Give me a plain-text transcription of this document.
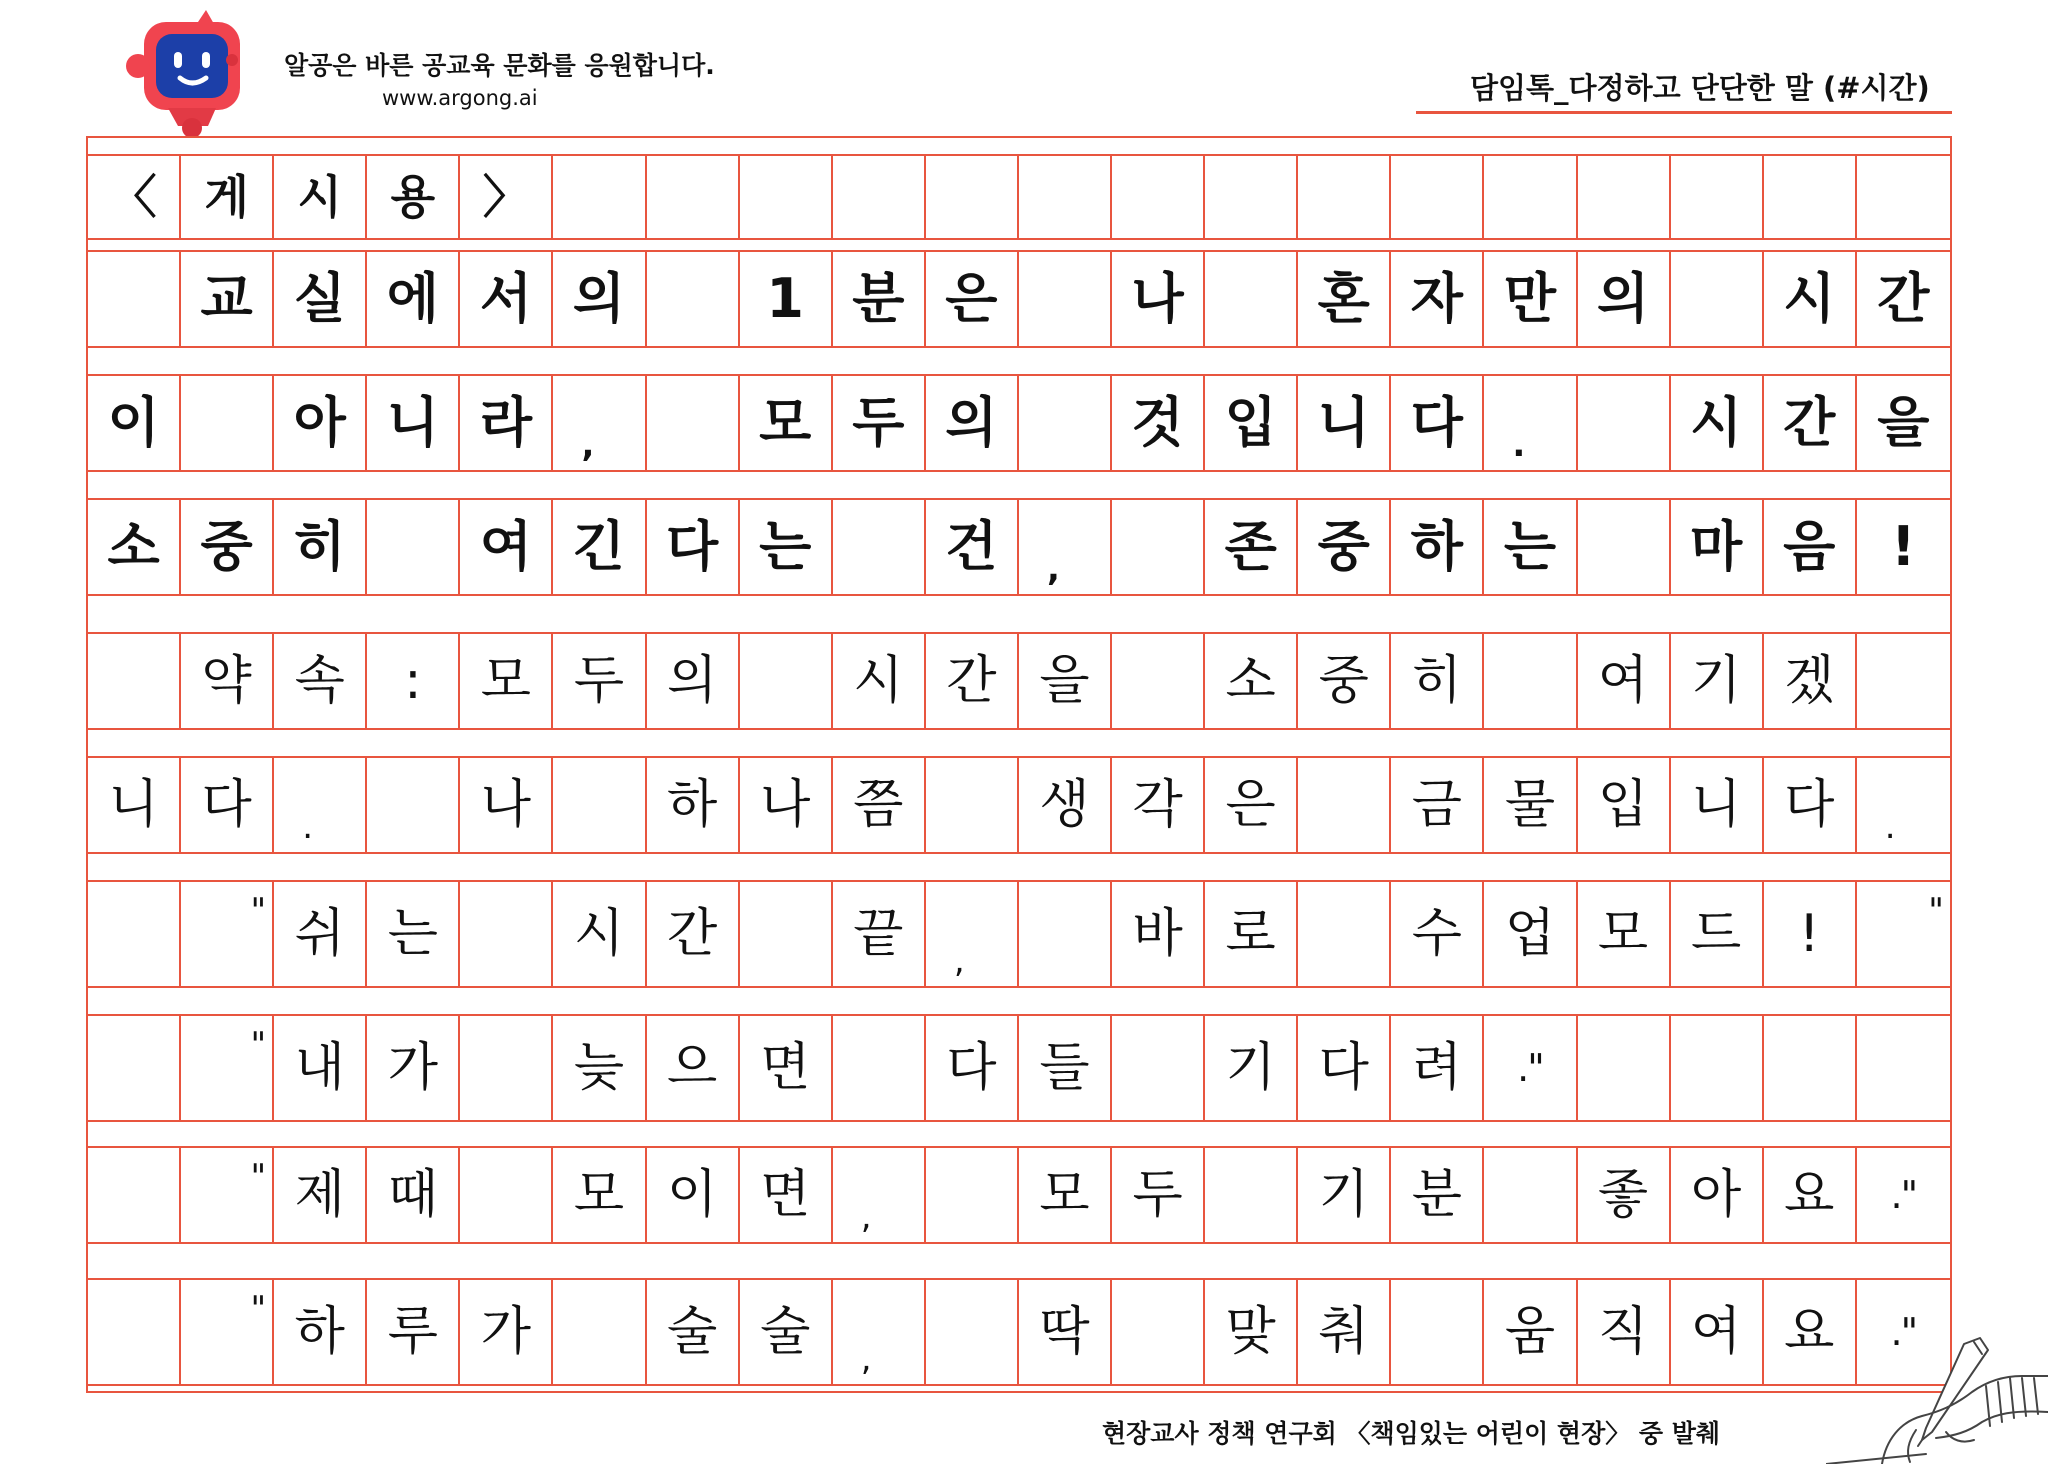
알공은 바른 공교육 문화를 응원합니다.
www.argong.ai	담임톡_다정하고 단단한 말 (#시간)
〈 게 시 용 〉
교 실 에 서 의	1 분 은 나 혼 자 만 의 시 간
이 아 니 라 ,	모 두 의 것 입 니 다 .	시 간 을
소 중 히 여 긴 다 는 건 ,	존 중 하 는 마 음 !
약 속 : 모 두 의	시 간 을	소 중 히	여 기 겠
니 다 .	나	하 나 쯤	생 각 은	금 물 입 니 다 .
" 쉬 는	시 간	끝 ,	바 로	수 업 모 드 !	"
" 내 가	늦 으 면	다 들	기 다 려 ."
" 제 때	모 이 면 ,	모 두	기 분	좋 아 요 ."
" 하 루 가	술 술 ,	딱	맞 춰	움 직 여 요 ."
현장교사 정책 연구회 〈책임있는 어린이 현장〉 중 발췌
